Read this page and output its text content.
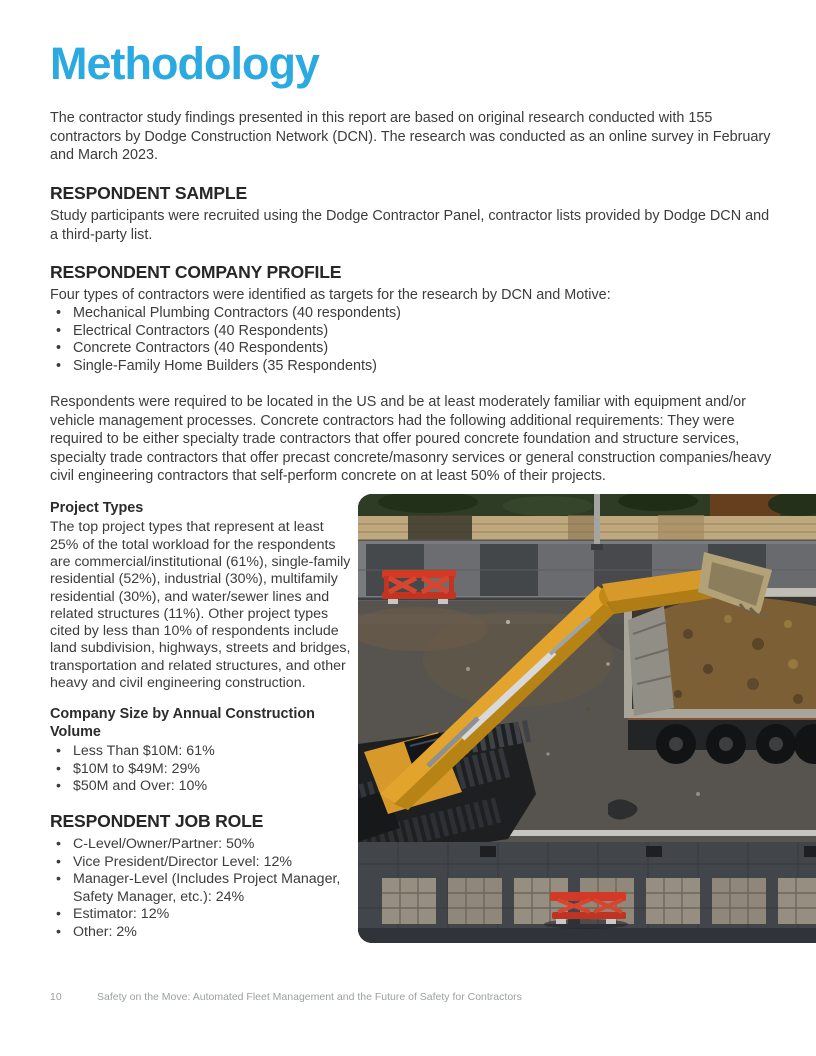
Methodology

The contractor study findings presented in this report are based on original research conducted with 155 contractors by Dodge Construction Network (DCN). The research was conducted as an online survey in February and March 2023.

RESPONDENT SAMPLE

Study participants were recruited using the Dodge Contractor Panel, contractor lists provided by Dodge DCN and a third-party list.

RESPONDENT COMPANY PROFILE

Four types of contractors were identified as targets for the research by DCN and Motive:

• Mechanical Plumbing Contractors (40 respondents)
• Electrical Contractors (40 Respondents)
• Concrete Contractors (40 Respondents)
• Single-Family Home Builders (35 Respondents)

Respondents were required to be located in the US and be at least moderately familiar with equipment and/or vehicle management processes. Concrete contractors had the following additional requirements: They were required to be either specialty trade contractors that offer poured concrete foundation and structure services, specialty trade contractors that offer precast concrete/masonry services or general construction companies/heavy civil engineering contractors that self-perform concrete on at least 50% of their projects.

Project Types

The top project types that represent at least 25% of the total workload for the respondents are commercial/institutional (61%), single-family residential (52%), industrial (30%), multifamily residential (30%), and water/sewer lines and related structures (11%). Other project types cited by less than 10% of respondents include land subdivision, highways, streets and bridges, transportation and related structures, and other heavy and civil engineering construction.

Company Size by Annual Construction Volume
• Less Than $10M: 61%
• $10M to $49M: 29%
• $50M and Over: 10%
RESPONDENT JOB ROLE
• C-Level/Owner/Partner: 50%
• Vice President/Director Level: 12%
• Manager-Level (Includes Project Manager, Safety Manager, etc.): 24%
• Estimator: 12%
• Other: 2%
10	Safety on the Move: Automated Fleet Management and the Future of Safety for Contractors
